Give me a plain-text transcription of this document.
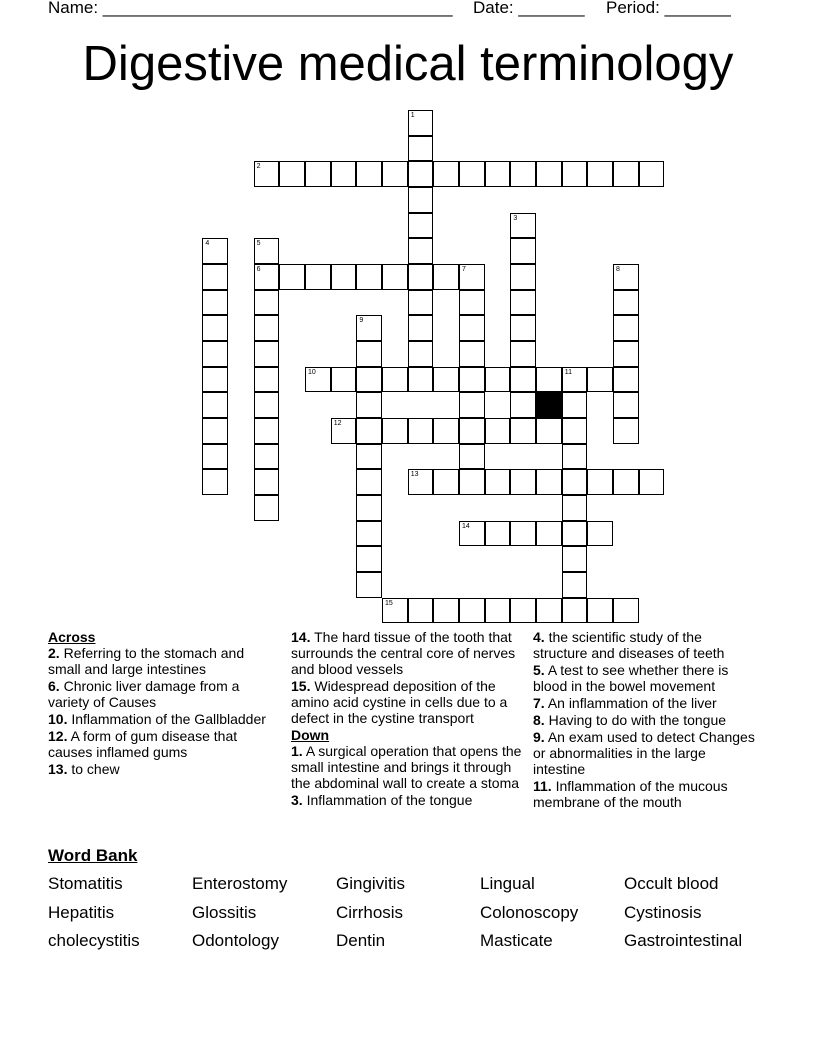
Name: _____________________________________ Date: _______ Period: _______
Digestive medical terminology
2
6	7
10	11
12
13
14
15
1
3
4	5
8
9
Across

2. Referring to the stomach and small and large intestines

6. Chronic liver damage from a variety of Causes

10. Inflammation of the Gallbladder

12. A form of gum disease that causes inflamed gums

13. to chew

14. The hard tissue of the tooth that surrounds the central core of nerves and blood vessels

15. Widespread deposition of the amino acid cystine in cells due to a defect in the cystine transport

Down

1. A surgical operation that opens the small intestine and brings it through the abdominal wall to create a stoma

3. Inflammation of the tongue

4. the scientific study of the structure and diseases of teeth

5. A test to see whether there is blood in the bowel movement

7. An inflammation of the liver

8. Having to do with the tongue

9. An exam used to detect Changes or abnormalities in the large intestine

11. Inflammation of the mucous membrane of the mouth

Word Bank
Stomatitis	Enterostomy	Gingivitis	Lingual	Occult blood
Hepatitis	Glossitis	Cirrhosis	Colonoscopy	Cystinosis
cholecystitis	Odontology	Dentin	Masticate	Gastrointestinal
